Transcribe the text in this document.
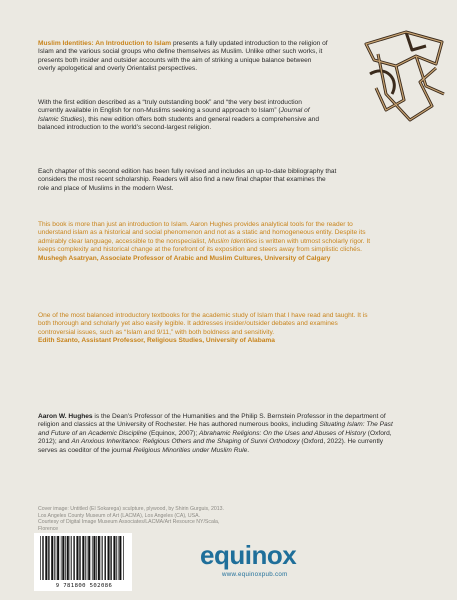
Muslim Identities: An Introduction to Islam presents a fully updated introduction to the religion of Islam and the various social groups who define themselves as Muslim. Unlike other such works, it presents both insider and outsider accounts with the aim of striking a unique balance between overly apologetical and overly Orientalist perspectives.

With the first edition described as a “truly outstanding book” and “the very best introduction currently available in English for non-Muslims seeking a sound approach to Islam” (Journal of Islamic Studies), this new edition offers both students and general readers a comprehensive and balanced introduction to the world’s second-largest religion.

Each chapter of this second edition has been fully revised and includes an up-to-date bibliography that considers the most recent scholarship. Readers will also find a new final chapter that examines the role and place of Muslims in the modern West.

This book is more than just an introduction to Islam. Aaron Hughes provides analytical tools for the reader to understand islam as a historical and social phenomenon and not as a static and homogeneous entity. Despite its admirably clear language, accessible to the nonspecialist, Muslim Identities is written with utmost scholarly rigor. It keeps complexity and historical change at the forefront of its exposition and steers away from simplistic clichés.
Mushegh Asatryan, Associate Professor of Arabic and Muslim Cultures, University of Calgary

One of the most balanced introductory textbooks for the academic study of Islam that I have read and taught. It is both thorough and scholarly yet also easily legible. It addresses insider/outsider debates and examines controversial issues, such as “Islam and 9/11,” with both boldness and sensitivity.
Edith Szanto, Assistant Professor, Religious Studies, University of Alabama

Aaron W. Hughes is the Dean’s Professor of the Humanities and the Philip S. Bernstein Professor in the department of religion and classics at the University of Rochester. He has authored numerous books, including Situating Islam: The Past and Future of an Academic Discipline (Equinox, 2007); Abrahamic Religions: On the Uses and Abuses of History (Oxford, 2012); and An Anxious Inheritance: Religious Others and the Shaping of Sunni Orthodoxy (Oxford, 2022). He currently serves as coeditor of the journal Religious Minorities under Muslim Rule.

Cover image: Untitled (El Sokarega) sculpture, plywood, by Shirin Gurguis, 2013.
Los Angeles County Museum of Art (LACMA), Los Angeles (CA), USA.
Courtesy of Digital Image Museum Associates/LACMA/Art Resource NY/Scala,
Florence
9 781800 502086
equinox
www.equinoxpub.com
